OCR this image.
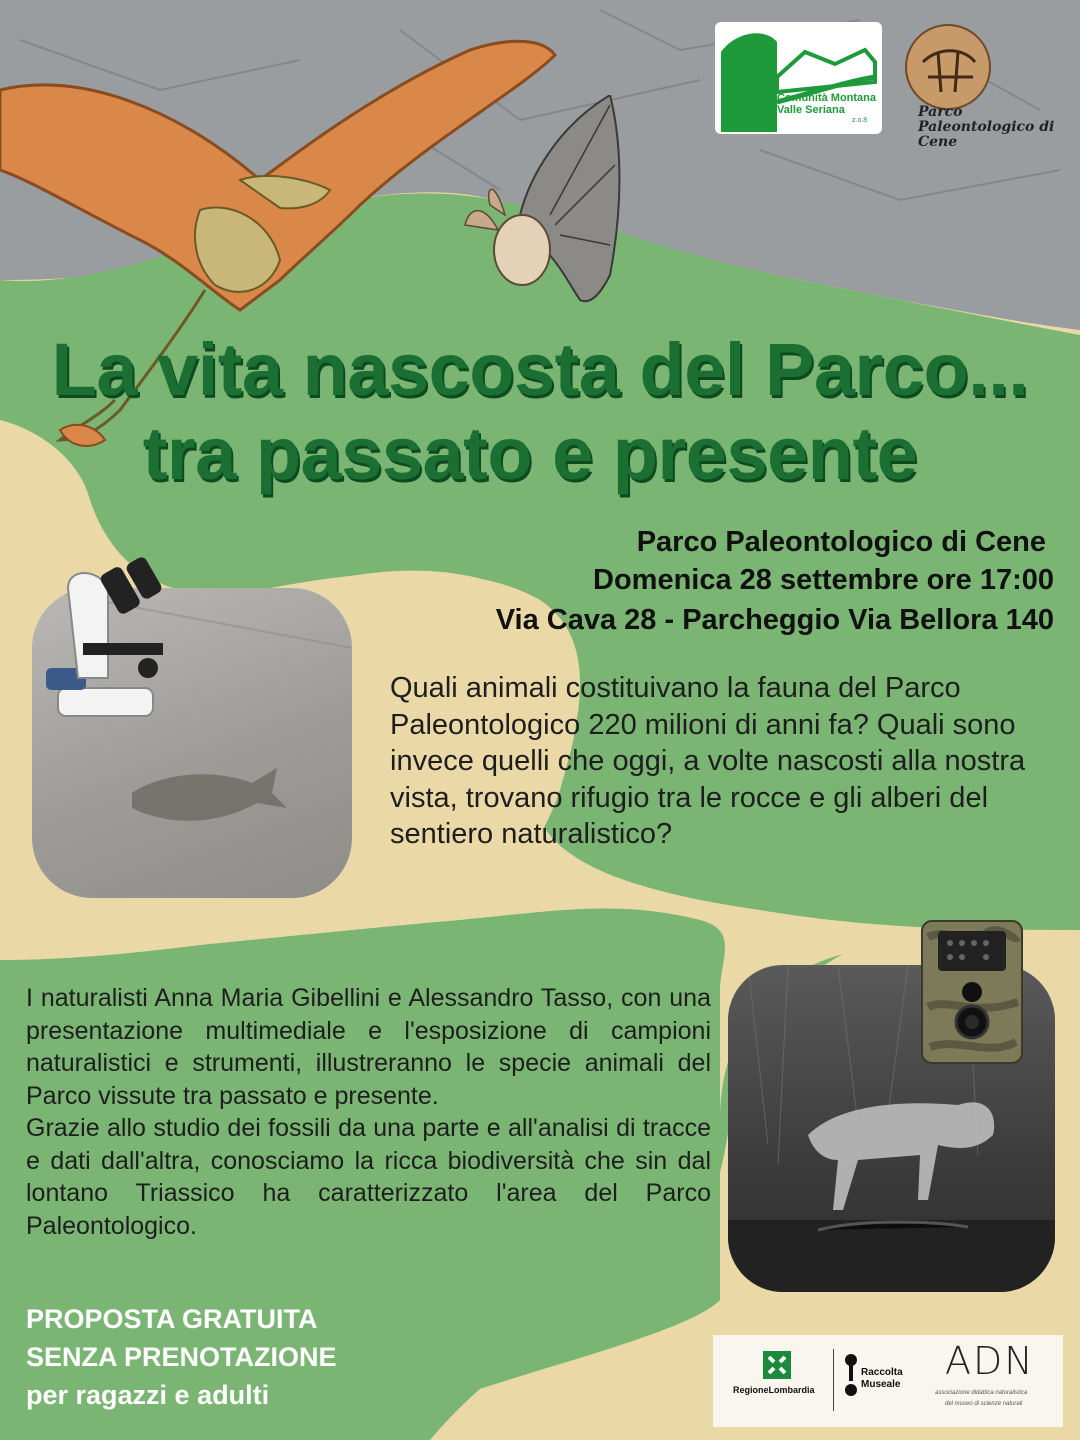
Comunità Montana Valle Seriana
z.o.8
Parco Paleontologico di Cene
La vita nascosta del Parco...
tra passato e presente
Parco Paleontologico di Cene
Domenica 28 settembre ore 17:00
Via Cava 28 - Parcheggio Via Bellora 140
Quali animali costituivano la fauna del Parco Paleontologico 220 milioni di anni fa? Quali sono invece quelli che oggi, a volte nascosti alla nostra vista, trovano rifugio tra le rocce e gli alberi del sentiero naturalistico?

I naturalisti Anna Maria Gibellini e Alessandro Tasso, con una presentazione multimediale e l'esposizione di campioni naturalistici e strumenti, illustreranno le specie animali del Parco vissute tra passato e presente.

Grazie allo studio dei fossili da una parte e all'analisi di tracce e dati dall'altra, conosciamo la ricca biodiversità che sin dal lontano Triassico ha caratterizzato l'area del Parco Paleontologico.

PROPOSTA GRATUITA
SENZA PRENOTAZIONE
per ragazzi e adulti	RegioneLombardia
Raccolta Museale
ADN
associazione didattica naturalistica
del museo di scienze naturali
